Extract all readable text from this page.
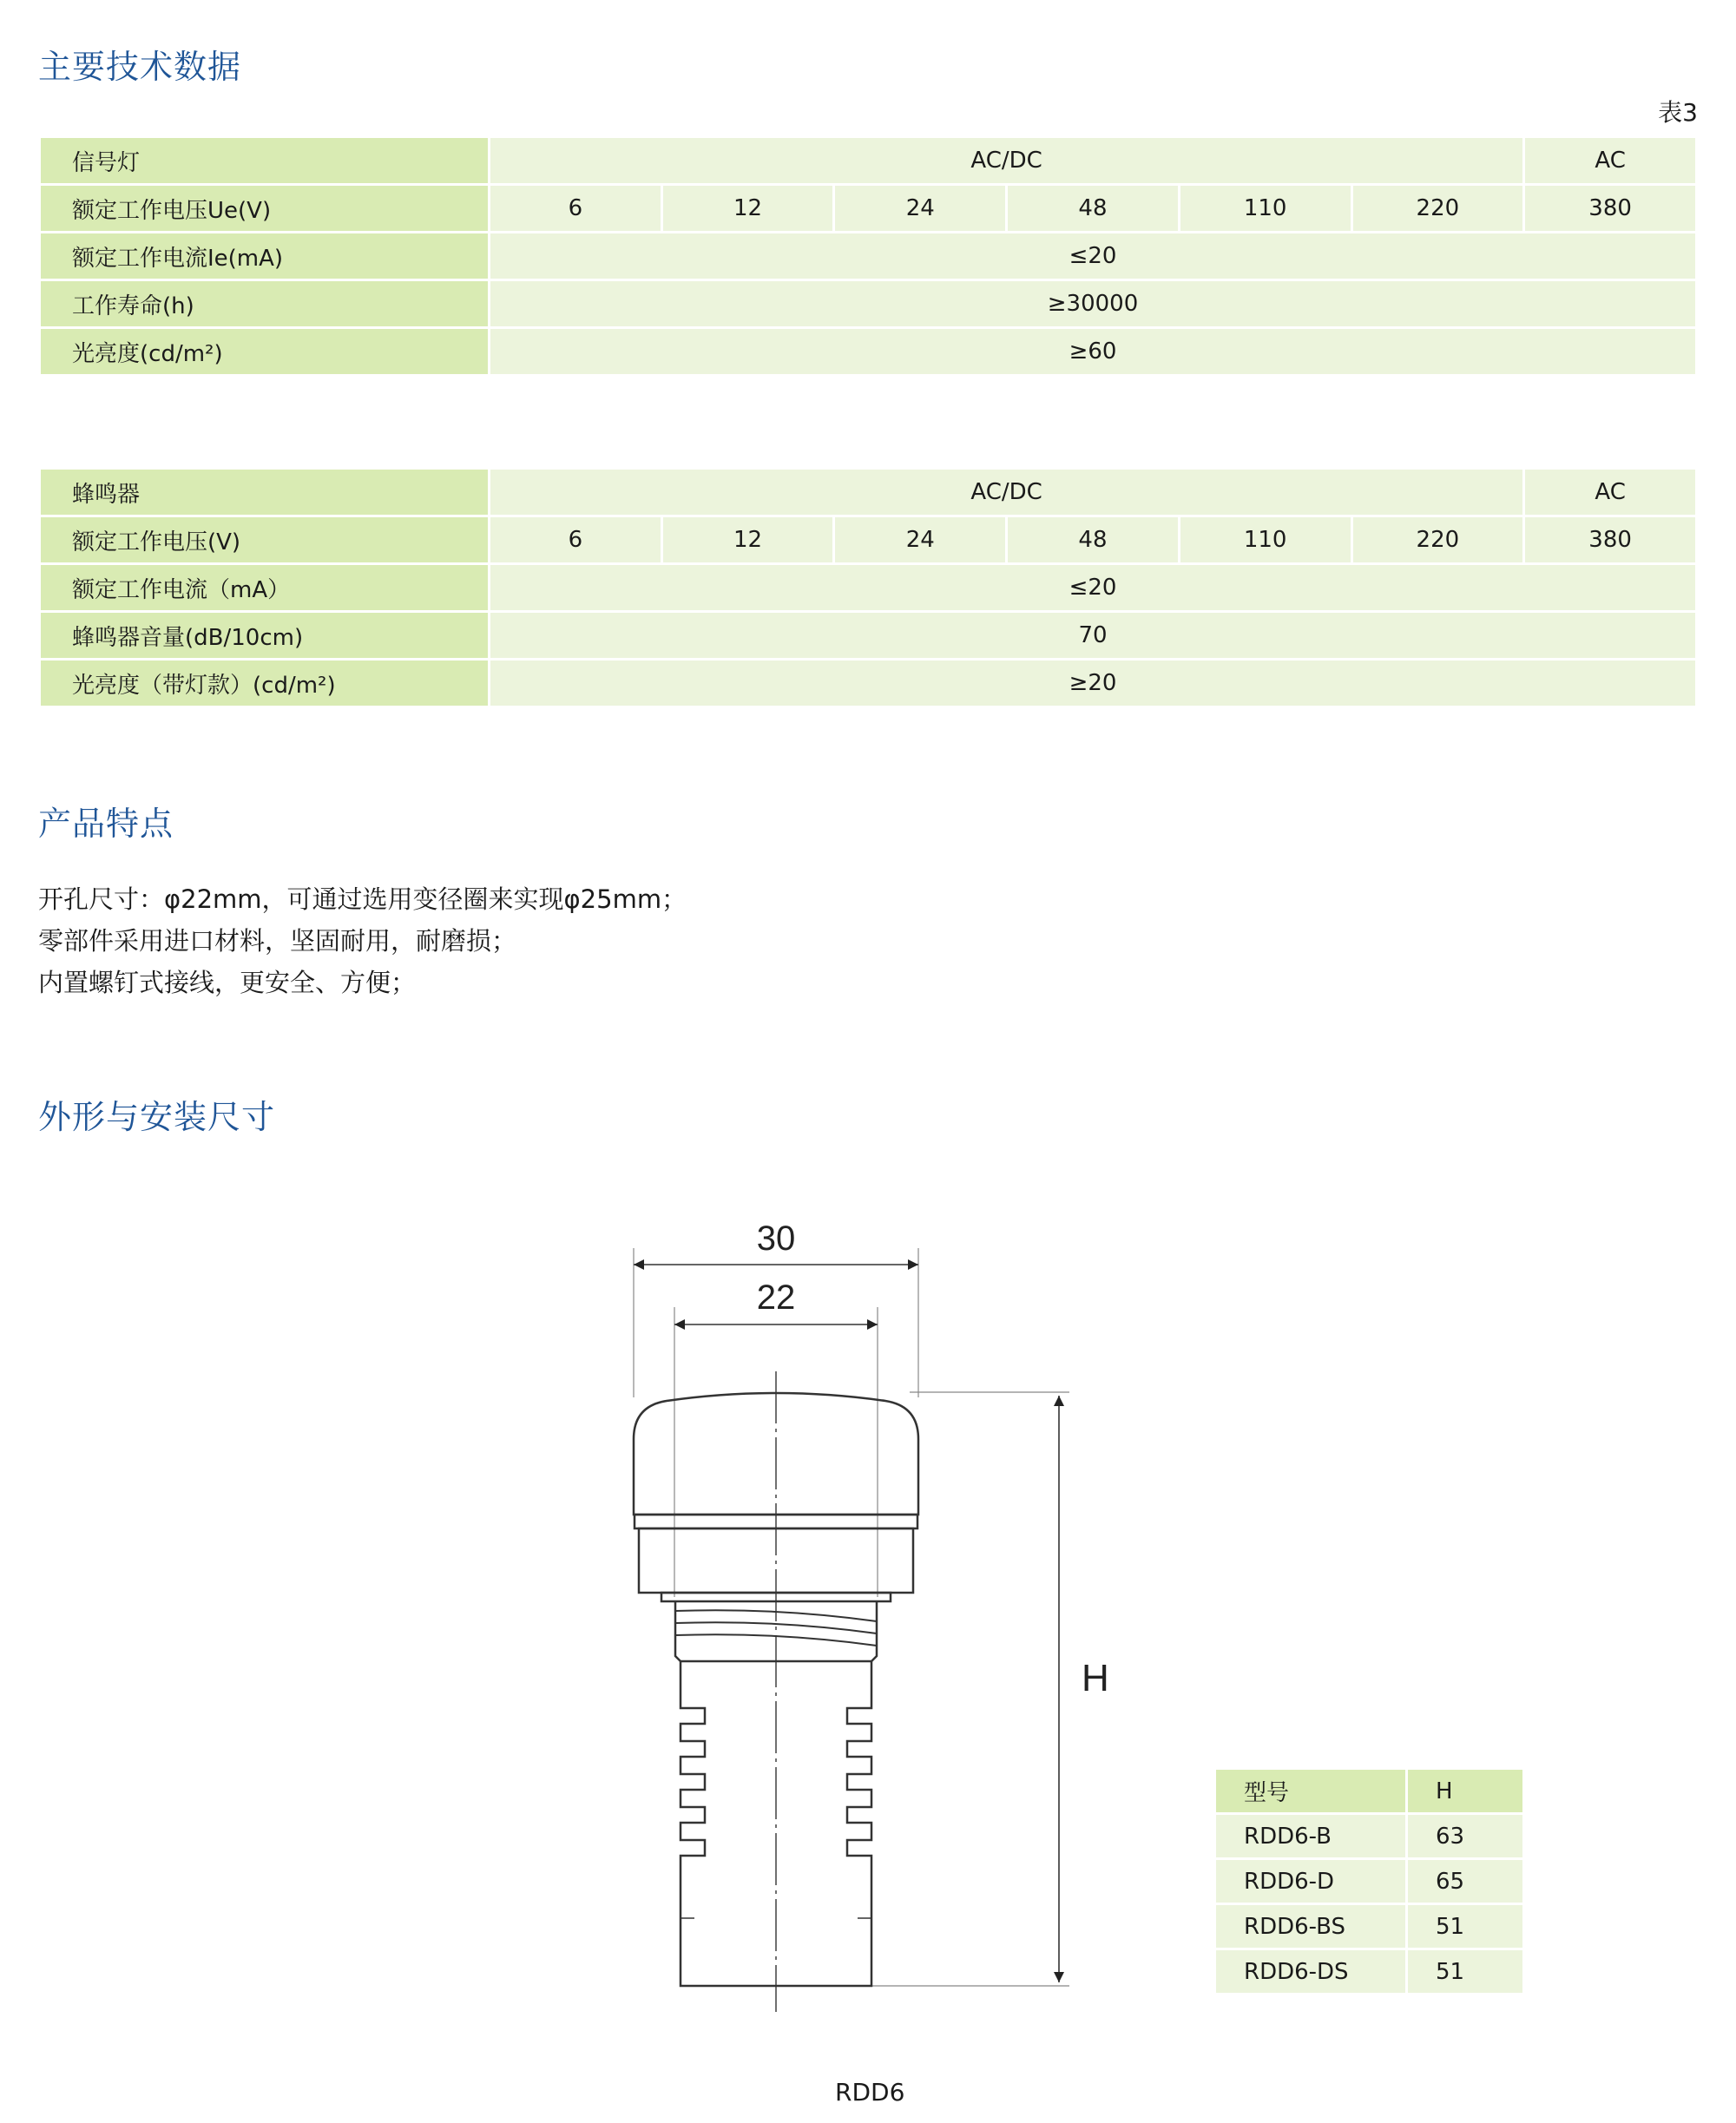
主要技术数据
表3
信号灯	AC/DC						AC
额定工作电压Ue(V)	6	12	24	48	110	220	380
额定工作电流Ie(mA)	≤20						
工作寿命(h)	≥30000						
光亮度(cd/m²)	≥60						
蜂鸣器	AC/DC						AC
额定工作电压(V)	6	12	24	48	110	220	380
额定工作电流（mA）	≤20						
蜂鸣器音量(dB/10cm)	70						
光亮度（带灯款）(cd/m²)	≥20						
产品特点
开孔尺寸：φ22mm，可通过选用变径圈来实现φ25mm；
零部件采用进口材料，坚固耐用，耐磨损；
内置螺钉式接线，更安全、方便；
外形与安装尺寸
30
22
H
型号	H
RDD6-B	63
RDD6-D	65
RDD6-BS	51
RDD6-DS	51
RDD6
